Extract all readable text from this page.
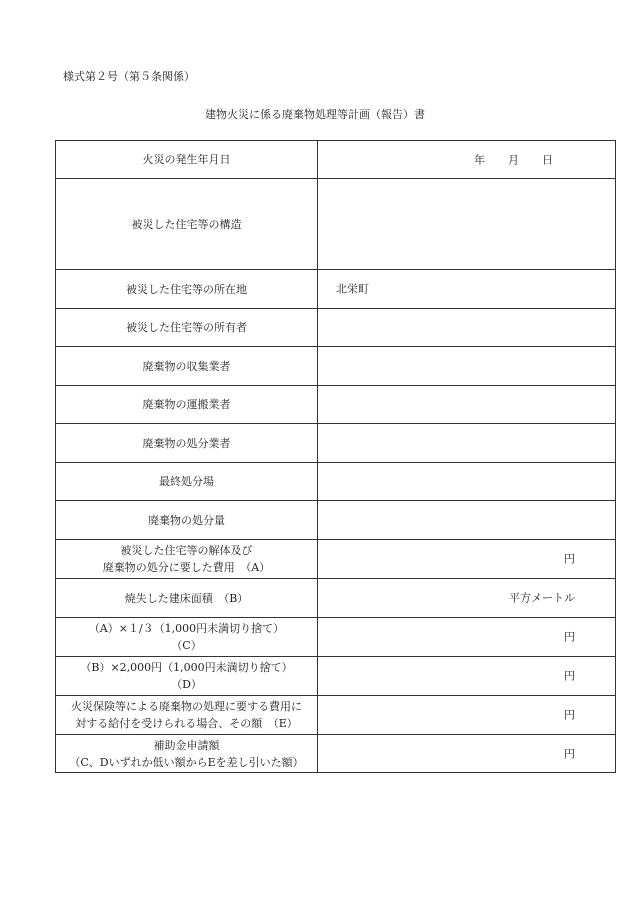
様式第２号（第５条関係）
建物火災に係る廃棄物処理等計画（報告）書
火災の発生年月日	年 月 日

被災した住宅等の構造	
被災した住宅等の所在地	北栄町

被災した住宅等の所有者	
廃棄物の収集業者	
廃棄物の運搬業者	
廃棄物の処分業者	
最終処分場	
廃棄物の処分量	

被災した住宅等の解体及び
廃棄物の処分に要した費用　（A）	円

焼失した建床面積　（B）	平方メートル

（A）×１/３（1,000円未満切り捨て）
（C）	円

（B）×2,000円（1,000円未満切り捨て）
（D）	円

火災保険等による廃棄物の処理に要する費用に
対する給付を受けられる場合、その額　（E）	円

補助金申請額
（C、Dいずれか低い額からEを差し引いた額）	円
